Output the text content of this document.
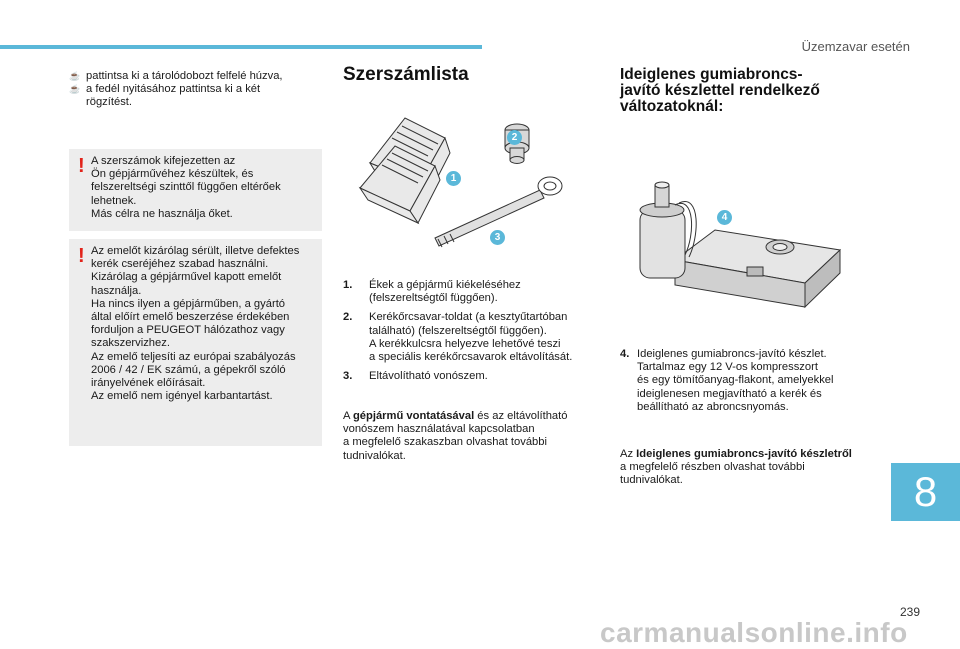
Üzemzavar esetén
☕ pattintsa ki a tárolódobozt felfelé húzva,
☕ a fedél nyitásához pattintsa ki a két
rögzítést.
! A szerszámok kifejezetten az

Ön gépjárművéhez készültek, és

felszereltségi szinttől függően eltérőek

lehetnek.

Más célra ne használja őket.

! Az emelőt kizárólag sérült, illetve defektes

kerék cseréjéhez szabad használni.

Kizárólag a gépjárművel kapott emelőt

használja.

Ha nincs ilyen a gépjárműben, a gyártó

által előírt emelő beszerzése érdekében

forduljon a PEUGEOT hálózathoz vagy

szakszervizhez.

Az emelő teljesíti az európai szabályozás

2006 / 42 / EK számú, a gépekről szóló

irányelvének előírásait.

Az emelő nem igényel karbantartást.

Szerszámlista
2
1
3
1.	Ékek a gépjármű kiékeléséhez
(felszereltségtől függően).
2.	Kerékőrcsavar-toldat (a kesztyűtartóban
található) (felszereltségtől függően).
A kerékkulcsra helyezve lehetővé teszi
a speciális kerékőrcsavarok eltávolítását.
3.	Eltávolítható vonószem.

A gépjármű vontatásával és az eltávolítható

vonószem használatával kapcsolatban

a megfelelő szakaszban olvashat további

tudnivalókat.

Ideiglenes gumiabroncs-
javító készlettel rendelkező
változatoknál:
4
4. Ideiglenes gumiabroncs-javító készlet.
Tartalmaz egy 12 V-os kompresszort
és egy tömítőanyag-flakont, amelyekkel
ideiglenesen megjavítható a kerék és
beállítható az abroncsnyomás.

Az Ideiglenes gumiabroncs-javító készletről

a megfelelő részben olvashat további

tudnivalókat.	8
239
carmanualsonline.info
